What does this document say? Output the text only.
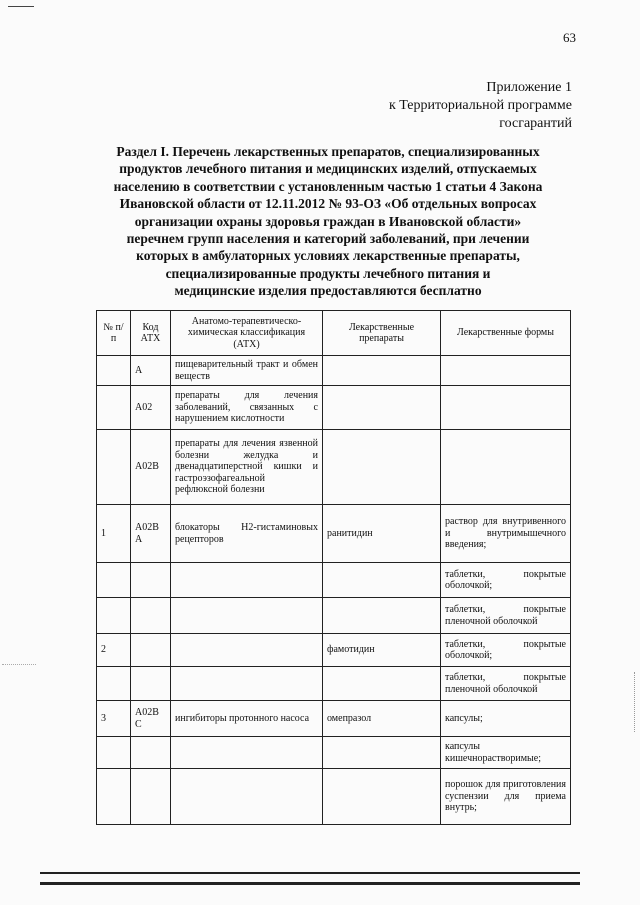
63
Приложение 1
к Территориальной программе
госгарантий
Раздел I. Перечень лекарственных препаратов, специализированных
продуктов лечебного питания и медицинских изделий, отпускаемых
населению в соответствии с установленным частью 1 статьи 4 Закона
Ивановской области от 12.11.2012 № 93-ОЗ «Об отдельных вопросах
организации охраны здоровья граждан в Ивановской области»
перечнем групп населения и категорий заболеваний, при лечении
которых в амбулаторных условиях лекарственные препараты,
специализированные продукты лечебного питания и
медицинские изделия предоставляются бесплатно
№ п/п	Код АТХ	Анатомо-терапевтическо-химическая классификация (АТХ)	Лекарственные препараты	Лекарственные формы
	A	пищеварительный тракт и обмен веществ		
	A02	препараты для лечения заболеваний, связанных с нарушением кислотности		
	A02B	препараты для лечения язвенной болезни желудка и двенадцатиперстной кишки и гастроэзофагеальной рефлюксной болезни		
1	A02B A	блокаторы H2-гистаминовых рецепторов	ранитидин	раствор для внутривенного и внутримышечного введения;
				таблетки, покрытые оболочкой;
				таблетки, покрытые пленочной оболочкой
2			фамотидин	таблетки, покрытые оболочкой;
				таблетки, покрытые пленочной оболочкой
3	A02B C	ингибиторы протонного насоса	омепразол	капсулы;
				капсулы кишечнорастворимые;
				порошок для приготовления суспензии для приема внутрь;
